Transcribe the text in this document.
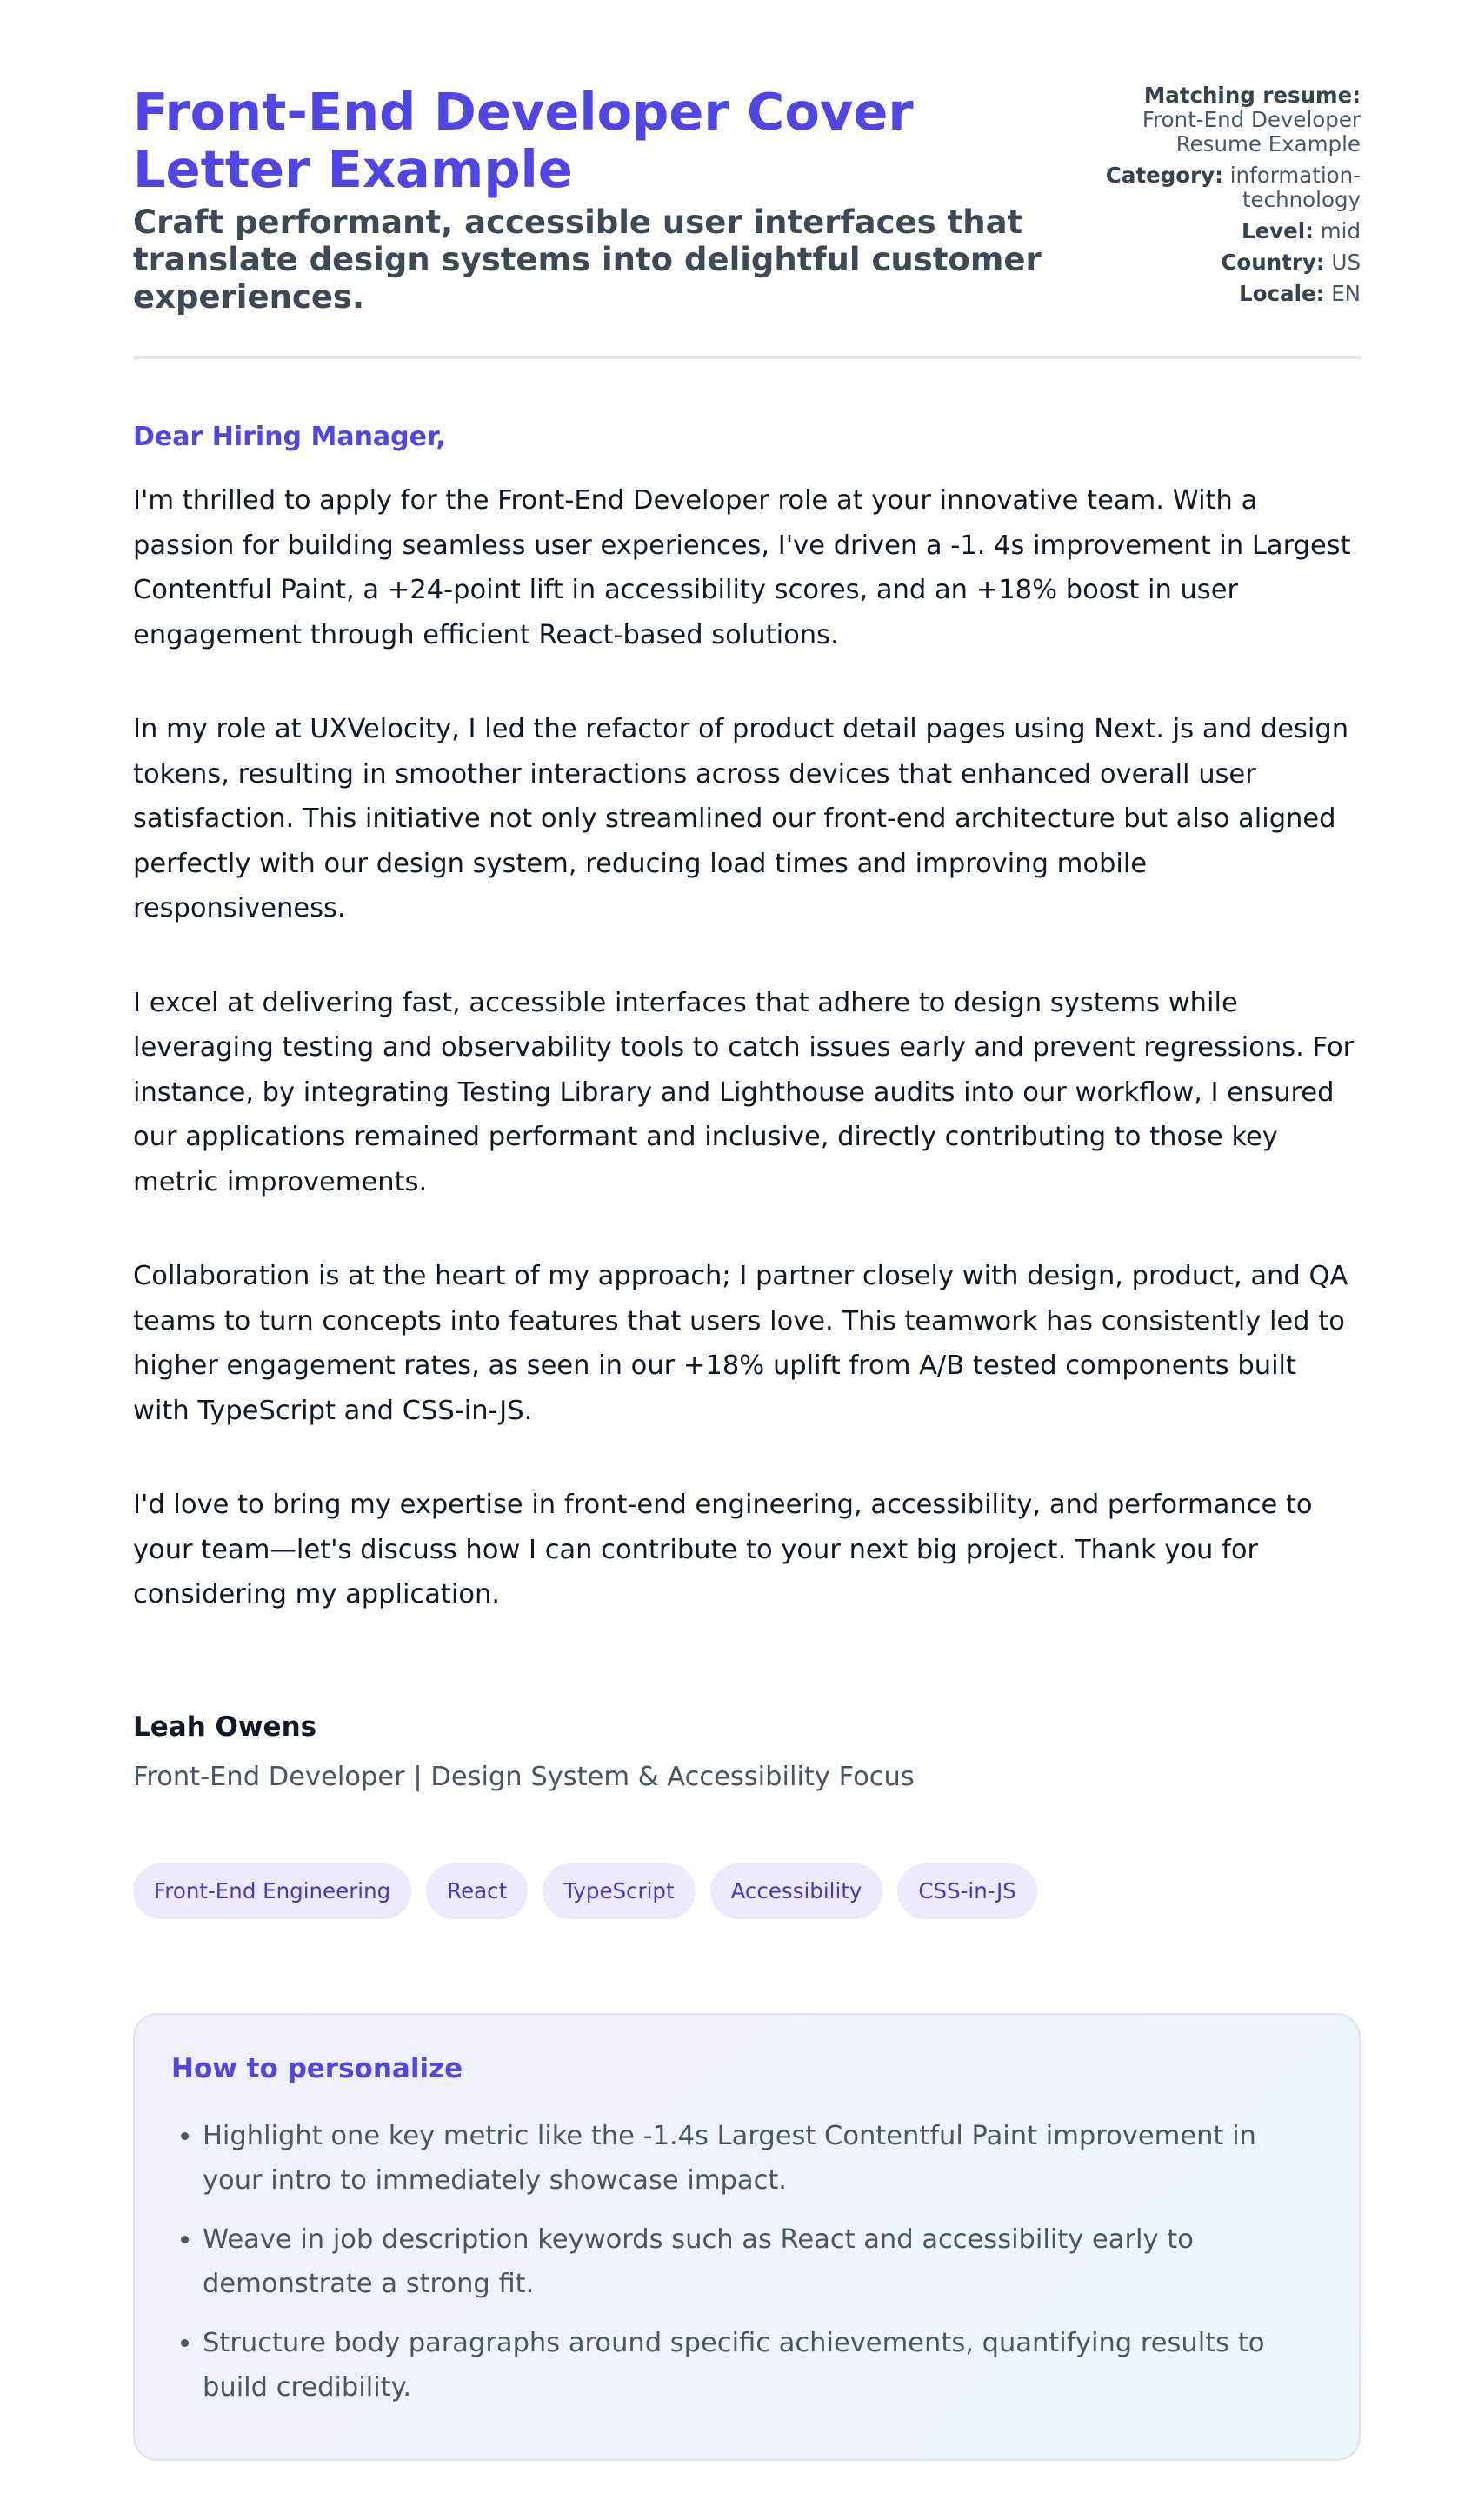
Front-End Developer Cover Letter Example

Craft performant, accessible user interfaces that translate design systems into delightful customer experiences.

Matching resume:
Front-End Developer Resume Example
Category: information-technology
Level: mid
Country: US
Locale: EN
Dear Hiring Manager,

I'm thrilled to apply for the Front-End Developer role at your innovative team. With a passion for building seamless user experiences, I've driven a -1. 4s improvement in Largest Contentful Paint, a +24-point lift in accessibility scores, and an +18% boost in user engagement through efficient React-based solutions.

In my role at UXVelocity, I led the refactor of product detail pages using Next. js and design tokens, resulting in smoother interactions across devices that enhanced overall user satisfaction. This initiative not only streamlined our front-end architecture but also aligned perfectly with our design system, reducing load times and improving mobile responsiveness.

I excel at delivering fast, accessible interfaces that adhere to design systems while leveraging testing and observability tools to catch issues early and prevent regressions. For instance, by integrating Testing Library and Lighthouse audits into our workflow, I ensured our applications remained performant and inclusive, directly contributing to those key metric improvements.

Collaboration is at the heart of my approach; I partner closely with design, product, and QA teams to turn concepts into features that users love. This teamwork has consistently led to higher engagement rates, as seen in our +18% uplift from A/B tested components built with TypeScript and CSS-in-JS.

I'd love to bring my expertise in front-end engineering, accessibility, and performance to your team—let's discuss how I can contribute to your next big project. Thank you for considering my application.

Leah Owens
Front-End Developer | Design System & Accessibility Focus
Front-End Engineering	React	TypeScript	Accessibility	CSS-in-JS
How to personalize
• Highlight one key metric like the -1.4s Largest Contentful Paint improvement in your intro to immediately showcase impact.
• Weave in job description keywords such as React and accessibility early to demonstrate a strong fit.
• Structure body paragraphs around specific achievements, quantifying results to build credibility.
